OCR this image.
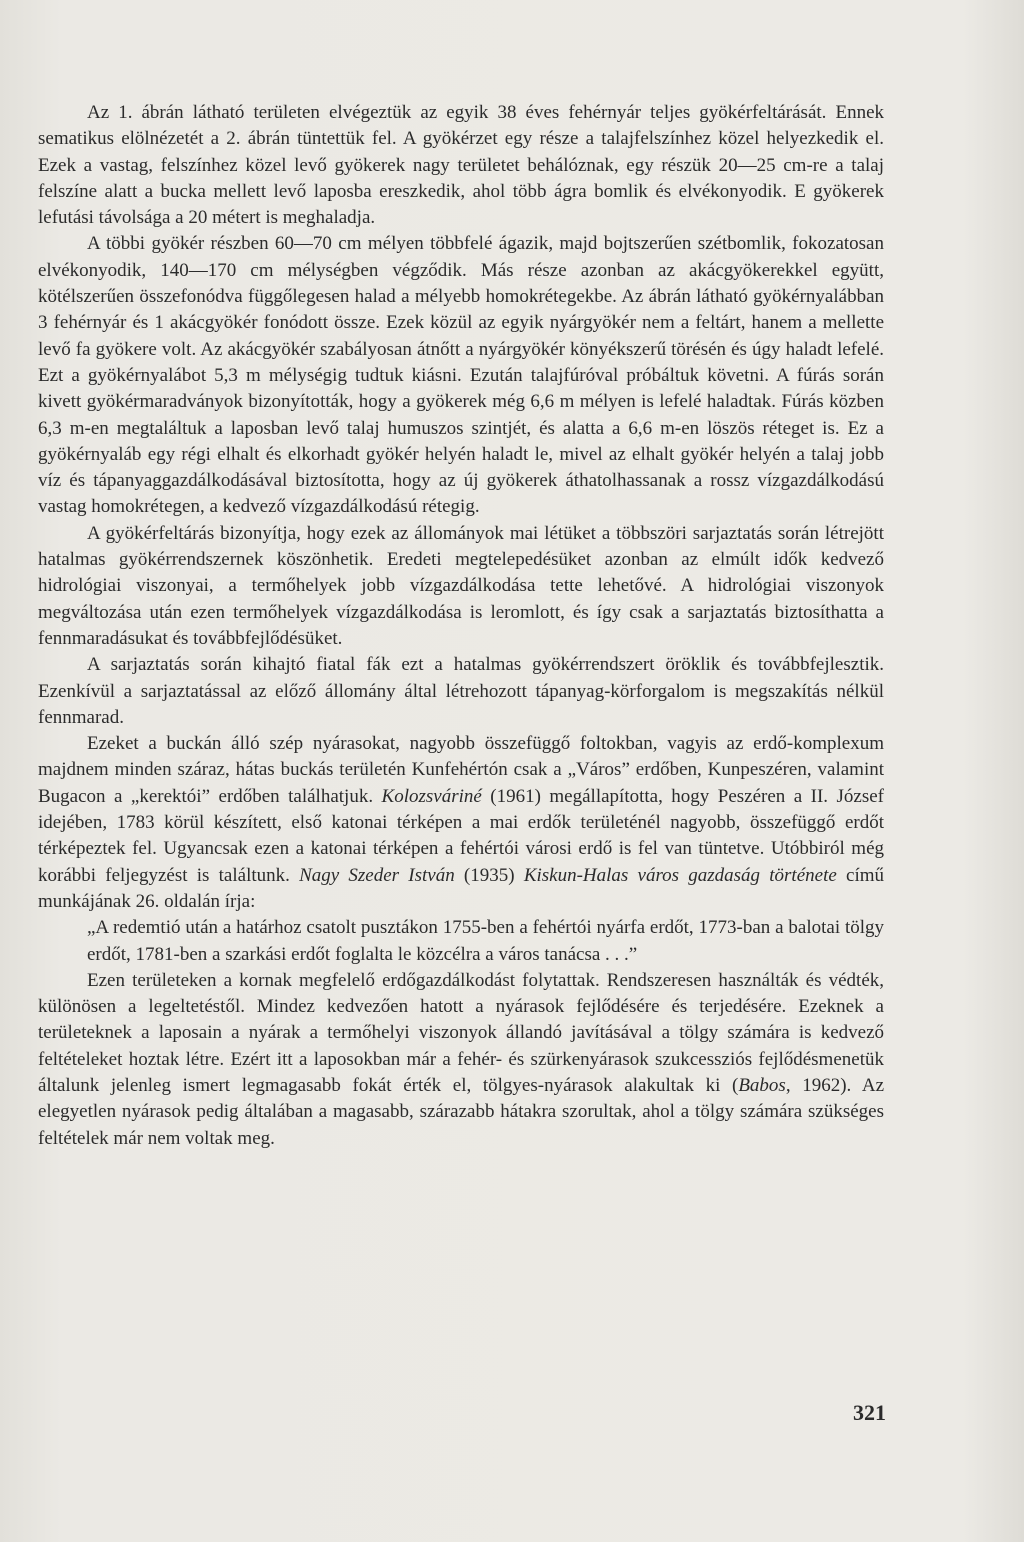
Az 1. ábrán látható területen elvégeztük az egyik 38 éves fehérnyár teljes gyökérfeltárását. Ennek sematikus elölnézetét a 2. ábrán tüntettük fel. A gyökérzet egy része a talajfelszínhez közel helyezkedik el. Ezek a vastag, felszínhez közel levő gyökerek nagy területet behálóznak, egy részük 20—25 cm-re a talaj felszíne alatt a bucka mellett levő laposba ereszkedik, ahol több ágra bomlik és elvékonyodik. E gyökerek lefutási távolsága a 20 métert is meghaladja.

A többi gyökér részben 60—70 cm mélyen többfelé ágazik, majd bojtszerűen szétbomlik, fokozatosan elvékonyodik, 140—170 cm mélységben végződik. Más része azonban az akácgyökerekkel együtt, kötélszerűen összefonódva függőlegesen halad a mélyebb homokrétegekbe. Az ábrán látható gyökérnyalábban 3 fehérnyár és 1 akácgyökér fonódott össze. Ezek közül az egyik nyárgyökér nem a feltárt, hanem a mellette levő fa gyökere volt. Az akácgyökér szabályosan átnőtt a nyárgyökér könyékszerű törésén és úgy haladt lefelé. Ezt a gyökérnyalábot 5,3 m mélységig tudtuk kiásni. Ezután talajfúróval próbáltuk követni. A fúrás során kivett gyökérmaradványok bizonyították, hogy a gyökerek még 6,6 m mélyen is lefelé haladtak. Fúrás közben 6,3 m-en megtaláltuk a laposban levő talaj humuszos szintjét, és alatta a 6,6 m-en löszös réteget is. Ez a gyökérnyaláb egy régi elhalt és elkorhadt gyökér helyén haladt le, mivel az elhalt gyökér helyén a talaj jobb víz és tápanyaggazdálkodásával biztosította, hogy az új gyökerek áthatolhassanak a rossz vízgazdálkodású vastag homokrétegen, a kedvező vízgazdálkodású rétegig.

A gyökérfeltárás bizonyítja, hogy ezek az állományok mai létüket a többszöri sarjaztatás során létrejött hatalmas gyökérrendszernek köszönhetik. Eredeti megtelepedésüket azonban az elmúlt idők kedvező hidrológiai viszonyai, a termőhelyek jobb vízgazdálkodása tette lehetővé. A hidrológiai viszonyok megváltozása után ezen termőhelyek vízgazdálkodása is leromlott, és így csak a sarjaztatás biztosíthatta a fennmaradásukat és továbbfejlődésüket.

A sarjaztatás során kihajtó fiatal fák ezt a hatalmas gyökérrendszert öröklik és továbbfejlesztik. Ezenkívül a sarjaztatással az előző állomány által létrehozott tápanyag-körforgalom is megszakítás nélkül fennmarad.

Ezeket a buckán álló szép nyárasokat, nagyobb összefüggő foltokban, vagyis az erdő-komplexum majdnem minden száraz, hátas buckás területén Kunfehértón csak a „Város” erdőben, Kunpeszéren, valamint Bugacon a „kerektói” erdőben találhatjuk. Kolozsváriné (1961) megállapította, hogy Peszéren a II. József idejében, 1783 körül készített, első katonai térképen a mai erdők területénél nagyobb, összefüggő erdőt térképeztek fel. Ugyancsak ezen a katonai térképen a fehértói városi erdő is fel van tüntetve. Utóbbiról még korábbi feljegyzést is találtunk. Nagy Szeder István (1935) Kiskun-Halas város gazdaság története című munkájának 26. oldalán írja:

„A redemtió után a határhoz csatolt pusztákon 1755-ben a fehértói nyárfa erdőt, 1773-ban a balotai tölgy erdőt, 1781-ben a szarkási erdőt foglalta le közcélra a város tanácsa . . .”

Ezen területeken a kornak megfelelő erdőgazdálkodást folytattak. Rendszeresen használták és védték, különösen a legeltetéstől. Mindez kedvezően hatott a nyárasok fejlődésére és terjedésére. Ezeknek a területeknek a laposain a nyárak a termőhelyi viszonyok állandó javításával a tölgy számára is kedvező feltételeket hoztak létre. Ezért itt a laposokban már a fehér- és szürkenyárasok szukcessziós fejlődésmenetük általunk jelenleg ismert legmagasabb fokát érték el, tölgyes-nyárasok alakultak ki (Babos, 1962). Az elegyetlen nyárasok pedig általában a magasabb, szárazabb hátakra szorultak, ahol a tölgy számára szükséges feltételek már nem voltak meg.

321
